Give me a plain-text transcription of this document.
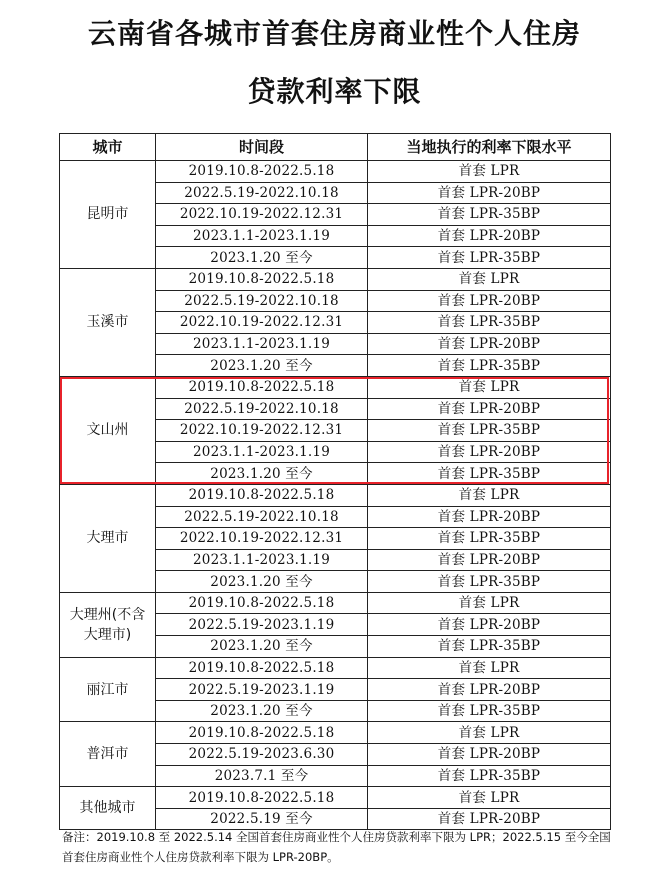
云南省各城市首套住房商业性个人住房
贷款利率下限
城市	时间段	当地执行的利率下限水平
昆明市	2019.10.8-2022.5.18	首套 LPR
	2022.5.19-2022.10.18	首套 LPR-20BP
	2022.10.19-2022.12.31	首套 LPR-35BP
	2023.1.1-2023.1.19	首套 LPR-20BP
	2023.1.20 至今	首套 LPR-35BP
玉溪市	2019.10.8-2022.5.18	首套 LPR
	2022.5.19-2022.10.18	首套 LPR-20BP
	2022.10.19-2022.12.31	首套 LPR-35BP
	2023.1.1-2023.1.19	首套 LPR-20BP
	2023.1.20 至今	首套 LPR-35BP
文山州	2019.10.8-2022.5.18	首套 LPR
	2022.5.19-2022.10.18	首套 LPR-20BP
	2022.10.19-2022.12.31	首套 LPR-35BP
	2023.1.1-2023.1.19	首套 LPR-20BP
	2023.1.20 至今	首套 LPR-35BP
大理市	2019.10.8-2022.5.18	首套 LPR
	2022.5.19-2022.10.18	首套 LPR-20BP
	2022.10.19-2022.12.31	首套 LPR-35BP
	2023.1.1-2023.1.19	首套 LPR-20BP
	2023.1.20 至今	首套 LPR-35BP
大理州(不含
大理市)	2019.10.8-2022.5.18	首套 LPR
	2022.5.19-2023.1.19	首套 LPR-20BP
	2023.1.20 至今	首套 LPR-35BP
丽江市	2019.10.8-2022.5.18	首套 LPR
	2022.5.19-2023.1.19	首套 LPR-20BP
	2023.1.20 至今	首套 LPR-35BP
普洱市	2019.10.8-2022.5.18	首套 LPR
	2022.5.19-2023.6.30	首套 LPR-20BP
	2023.7.1 至今	首套 LPR-35BP
其他城市	2019.10.8-2022.5.18	首套 LPR
	2022.5.19 至今	首套 LPR-20BP
备注：2019.10.8 至 2022.5.14 全国首套住房商业性个人住房贷款利率下限为 LPR；2022.5.15 至今全国首套住房商业性个人住房贷款利率下限为 LPR-20BP。
